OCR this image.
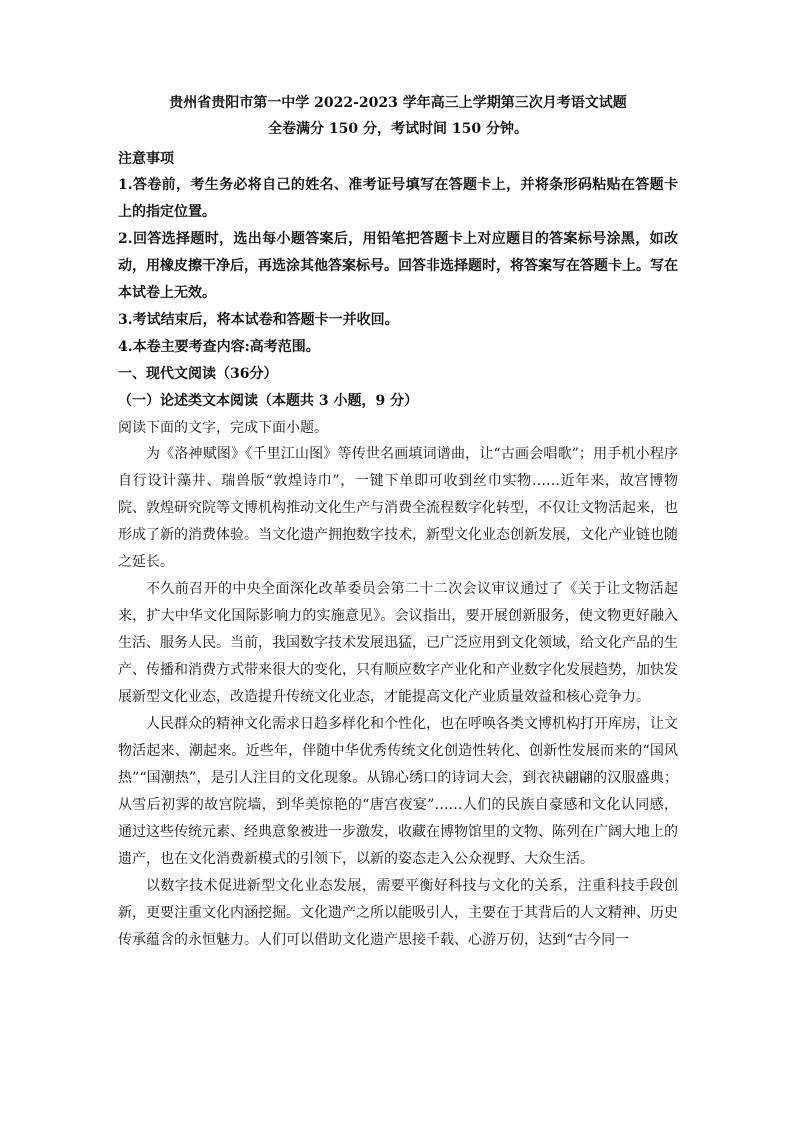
贵州省贵阳市第一中学 2022-2023 学年高三上学期第三次月考语文试题

全卷满分 150 分，考试时间 150 分钟。

注意事项

1.答卷前，考生务必将自己的姓名、准考证号填写在答题卡上，并将条形码粘贴在答题卡上的指定位置。

2.回答选择题时，选出每小题答案后，用铅笔把答题卡上对应题目的答案标号涂黑，如改动，用橡皮擦干净后，再选涂其他答案标号。回答非选择题时，将答案写在答题卡上。写在本试卷上无效。

3.考试结束后，将本试卷和答题卡一并收回。

4.本卷主要考查内容:高考范围。

一、现代文阅读（36分）

（一）论述类文本阅读（本题共 3 小题，9 分）

阅读下面的文字，完成下面小题。

为《洛神赋图》《千里江山图》等传世名画填词谱曲，让“古画会唱歌”；用手机小程序自行设计藻井、瑞兽版“敦煌诗巾”，一键下单即可收到丝巾实物……近年来，故宫博物院、敦煌研究院等文博机构推动文化生产与消费全流程数字化转型，不仅让文物活起来，也形成了新的消费体验。当文化遗产拥抱数字技术，新型文化业态创新发展，文化产业链也随之延长。

不久前召开的中央全面深化改革委员会第二十二次会议审议通过了《关于让文物活起来，扩大中华文化国际影响力的实施意见》。会议指出，要开展创新服务，使文物更好融入生活、服务人民。当前，我国数字技术发展迅猛，已广泛应用到文化领域，给文化产品的生产、传播和消费方式带来很大的变化，只有顺应数字产业化和产业数字化发展趋势，加快发展新型文化业态，改造提升传统文化业态，才能提高文化产业质量效益和核心竞争力。

人民群众的精神文化需求日趋多样化和个性化，也在呼唤各类文博机构打开库房，让文物活起来、潮起来。近些年，伴随中华优秀传统文化创造性转化、创新性发展而来的“国风热”“国潮热”，是引人注目的文化现象。从锦心绣口的诗词大会，到衣袂翩翩的汉服盛典；从雪后初霁的故宫院墙，到华美惊艳的“唐宫夜宴”……人们的民族自豪感和文化认同感，通过这些传统元素、经典意象被进一步激发，收藏在博物馆里的文物、陈列在广阔大地上的遗产，也在文化消费新模式的引领下，以新的姿态走入公众视野、大众生活。

以数字技术促进新型文化业态发展，需要平衡好科技与文化的关系，注重科技手段创新，更要注重文化内涵挖掘。文化遗产之所以能吸引人，主要在于其背后的人文精神、历史传承蕴含的永恒魅力。人们可以借助文化遗产思接千载、心游万仞，达到“古今同一
